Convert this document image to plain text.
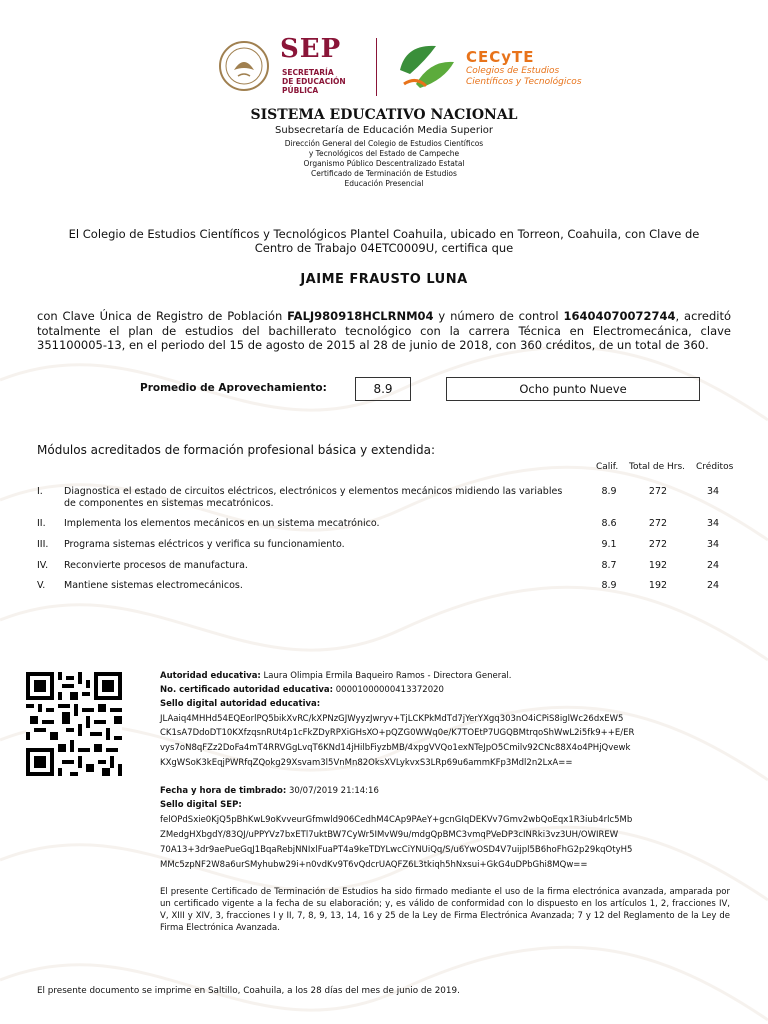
SEP
SECRETARÍA
DE EDUCACIÓN
PÚBLICA
CECyTE
Colegios de Estudios
Científicos y Tecnológicos
SISTEMA EDUCATIVO NACIONAL
Subsecretaría de Educación Media Superior
Dirección General del Colegio de Estudios Científicos
y Tecnológicos del Estado de Campeche
Organismo Público Descentralizado Estatal
Certificado de Terminación de Estudios
Educación Presencial
El Colegio de Estudios Científicos y Tecnológicos Plantel Coahuila, ubicado en Torreon, Coahuila, con Clave de Centro de Trabajo 04ETC0009U, certifica que
JAIME FRAUSTO LUNA
con Clave Única de Registro de Población FALJ980918HCLRNM04 y número de control 16404070072744, acreditó totalmente el plan de estudios del bachillerato tecnológico con la carrera Técnica en Electromecánica, clave 351100005-13, en el periodo del 15 de agosto de 2015 al 28 de junio de 2018, con 360 créditos, de un total de 360.
Promedio de Aprovechamiento:	8.9	Ocho punto Nueve
Módulos acreditados de formación profesional básica y extendida:
Calif. Total de Hrs. Créditos
I.	Diagnostica el estado de circuitos eléctricos, electrónicos y elementos mecánicos midiendo las variables de componentes en sistemas mecatrónicos.
8.9	272	34
II.	Implementa los elementos mecánicos en un sistema mecatrónico.	8.6	272	34
III.	Programa sistemas eléctricos y verifica su funcionamiento.	9.1	272	34
IV.	Reconvierte procesos de manufactura.	8.7	192	24
V.	Mantiene sistemas electromecánicos.	8.9	192	24
Autoridad educativa: Laura Olimpia Ermila Baqueiro Ramos - Directora General.
No. certificado autoridad educativa: 00001000000413372020
Sello digital autoridad educativa:
JLAaiq4MHHd54EQEorlPQ5bikXvRC/kXPNzGJWyyzJwryv+TjLCKPkMdTd7jYerYXgq303nO4iCPiS8iglWc26dxEW5
CK1sA7DdoDT10KXfzqsnRUt4p1cFkZDyRPXiGHsXO+pQZG0WWq0e/K7TOEtP7UGQBMtrqoShWwL2i5fk9++E/ER
vys7oN8qFZz2DoFa4mT4RRVGgLvqT6KNd14jHilbFiyzbMB/4xpgVVQo1exNTeJpO5Cmilv92CNc88X4o4PHjQvewk
KXgWSoK3kEqjPWRfqZQokg29Xsvam3l5VnMn82OksXVLykvxS3LRp69u6ammKFp3Mdl2n2LxA==
Fecha y hora de timbrado: 30/07/2019 21:14:16
Sello digital SEP:
felOPdSxie0KjQ5pBhKwL9oKvveurGfmwld906CedhM4CAp9PAeY+gcnGIqDEKVv7Gmv2wbQoEqx1R3iub4rlc5Mb
ZMedgHXbgdY/83QJ/uPPYVz7bxETl7uktBW7CyWr5IMvW9u/mdgQpBMC3vmqPVeDP3cINRki3vz3UH/OWIREW
70A13+3dr9aePueGqJ1BqaRebjNNIxlFuaPT4a9keTDYLwcCiYNUiQq/S/u6YwOSD4V7uijpl5B6hoFhG2p29kqOtyH5
MMc5zpNF2W8a6urSMyhubw29i+n0vdKv9T6vQdcrUAQFZ6L3tkiqh5hNxsui+GkG4uDPbGhi8MQw==
El presente Certificado de Terminación de Estudios ha sido firmado mediante el uso de la firma electrónica avanzada, amparada por un certificado vigente a la fecha de su elaboración; y, es válido de conformidad con lo dispuesto en los artículos 1, 2, fracciones IV, V, XIII y XIV, 3, fracciones I y II, 7, 8, 9, 13, 14, 16 y 25 de la Ley de Firma Electrónica Avanzada; 7 y 12 del Reglamento de la Ley de Firma Electrónica Avanzada.
El presente documento se imprime en Saltillo, Coahuila, a los 28 días del mes de junio de 2019.
